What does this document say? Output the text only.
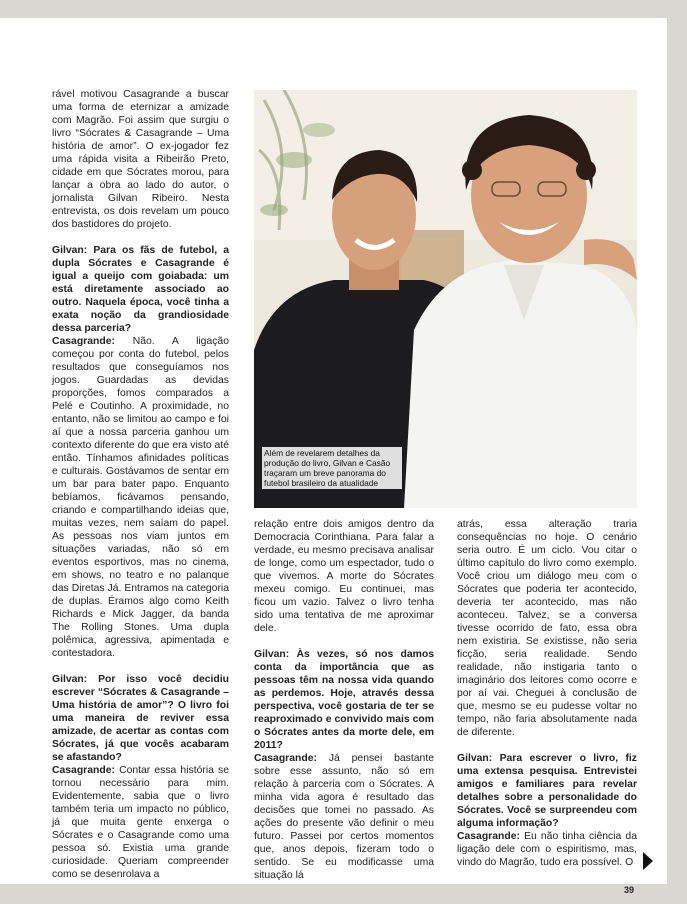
rável motivou Casagrande a buscar uma forma de eternizar a amizade com Magrão. Foi assim que surgiu o livro “Sócrates & Casagrande – Uma história de amor”. O ex-jogador fez uma rápida visita a Ribeirão Preto, cidade em que Sócrates morou, para lançar a obra ao lado do autor, o jornalista Gilvan Ribeiro. Nesta entrevista, os dois revelam um pouco dos bastidores do projeto.

Gilvan: Para os fãs de futebol, a dupla Sócrates e Casagrande é igual a queijo com goiabada: um está diretamente associado ao outro. Naquela época, você tinha a exata noção da grandiosidade dessa parceria?

Casagrande: Não. A ligação começou por conta do futebol, pelos resultados que conseguíamos nos jogos. Guardadas as devidas proporções, fomos comparados a Pelé e Coutinho. A proximidade, no entanto, não se limitou ao campo e foi aí que a nossa parceria ganhou um contexto diferente do que era visto até então. Tínhamos afinidades políticas e culturais. Gostávamos de sentar em um bar para bater papo. Enquanto bebíamos, ficávamos pensando, criando e compartilhando ideias que, muitas vezes, nem saíam do papel. As pessoas nos viam juntos em situações variadas, não só em eventos esportivos, mas no cinema, em shows, no teatro e no palanque das Diretas Já. Entramos na categoria de duplas. Éramos algo como Keith Richards e Mick Jagger, da banda The Rolling Stones. Uma dupla polêmica, agressiva, apimentada e contestadora.

Gilvan: Por isso você decidiu escrever “Sócrates & Casagrande – Uma história de amor”? O livro foi uma maneira de reviver essa amizade, de acertar as contas com Sócrates, já que vocês acabaram se afastando?

Casagrande: Contar essa história se tornou necessário para mim. Evidentemente, sabia que o livro também teria um impacto no público, já que muita gente enxerga o Sócrates e o Casagrande como uma pessoa só. Existia uma grande curiosidade. Queriam compreender como se desenrolava a

Além de revelarem detalhes da produção do livro, Gilvan e Casão traçaram um breve panorama do futebol brasileiro da atualidade

relação entre dois amigos dentro da Democracia Corinthiana. Para falar a verdade, eu mesmo precisava analisar de longe, como um espectador, tudo o que vivemos. A morte do Sócrates mexeu comigo. Eu continuei, mas ficou um vazio. Talvez o livro tenha sido uma tentativa de me aproximar dele.

Gilvan: Às vezes, só nos damos conta da importância que as pessoas têm na nossa vida quando as perdemos. Hoje, através dessa perspectiva, você gostaria de ter se reaproximado e convivido mais com o Sócrates antes da morte dele, em 2011?

Casagrande: Já pensei bastante sobre esse assunto, não só em relação à parceria com o Sócrates. A minha vida agora é resultado das decisões que tomei no passado. As ações do presente vão definir o meu futuro. Passei por certos momentos que, anos depois, fizeram todo o sentido. Se eu modificasse uma situação lá

atrás, essa alteração traria consequências no hoje. O cenário seria outro. É um ciclo. Vou citar o último capítulo do livro como exemplo. Você criou um diálogo meu com o Sócrates que poderia ter acontecido, deveria ter acontecido, mas não aconteceu. Talvez, se a conversa tivesse ocorrido de fato, essa obra nem existiria. Se existisse, não seria ficção, seria realidade. Sendo realidade, não instigaria tanto o imaginário dos leitores como ocorre e por aí vai. Cheguei à conclusão de que, mesmo se eu pudesse voltar no tempo, não faria absolutamente nada de diferente.

Gilvan: Para escrever o livro, fiz uma extensa pesquisa. Entrevistei amigos e familiares para revelar detalhes sobre a personalidade do Sócrates. Você se surpreendeu com alguma informação?

Casagrande: Eu não tinha ciência da ligação dele com o espiritismo, mas, vindo do Magrão, tudo era possível. O

39
